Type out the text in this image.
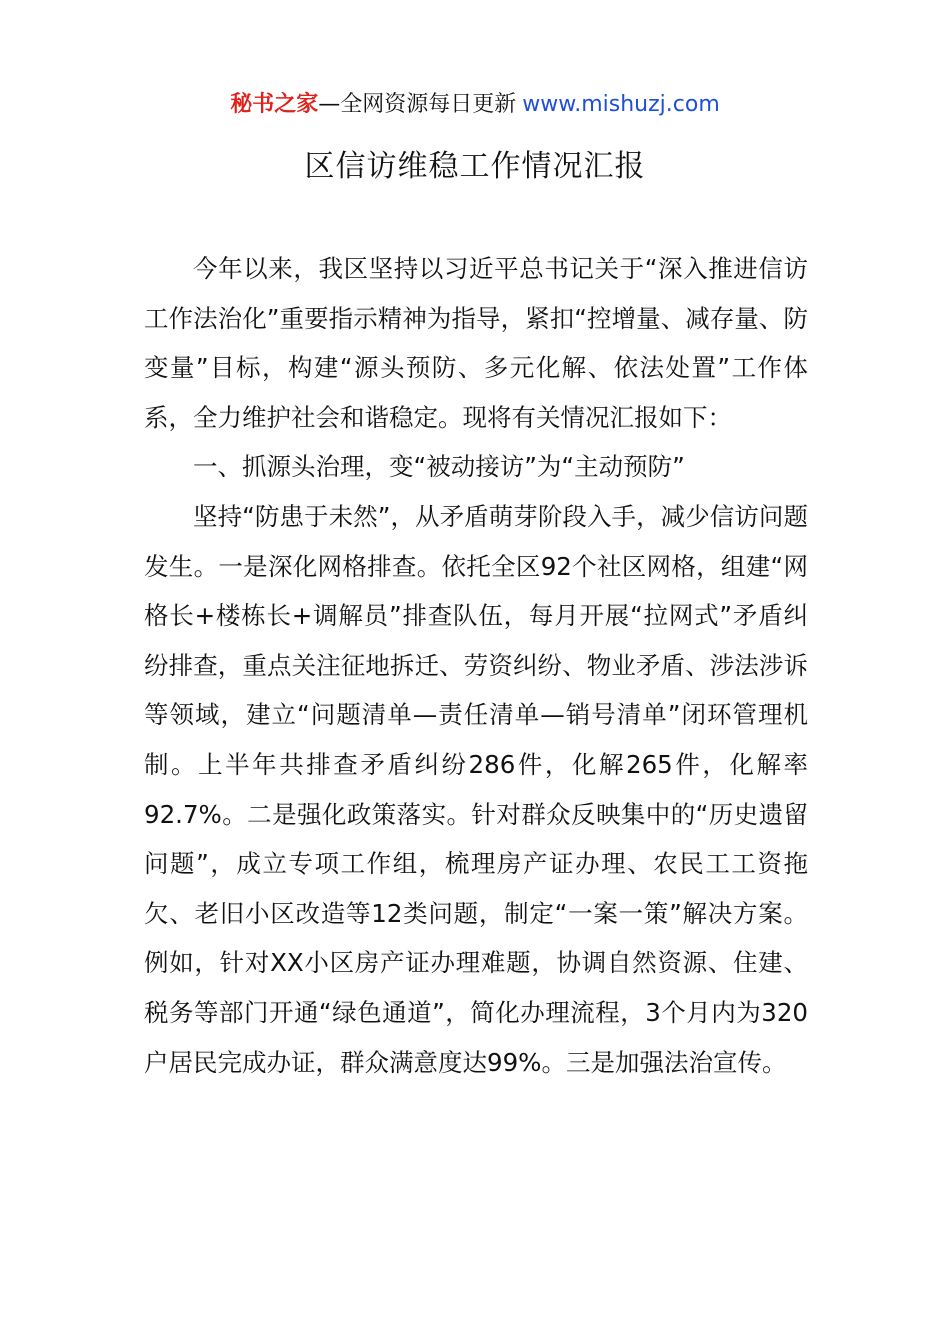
秘书之家—全网资源每日更新 www.mishuzj.com
区信访维稳工作情况汇报

今年以来，我区坚持以习近平总书记关于“深入推进信访工作法治化”重要指示精神为指导，紧扣“控增量、减存量、防变量”目标，构建“源头预防、多元化解、依法处置”工作体系，全力维护社会和谐稳定。现将有关情况汇报如下：

一、抓源头治理，变“被动接访”为“主动预防”

坚持“防患于未然”，从矛盾萌芽阶段入手，减少信访问题发生。一是深化网格排查。依托全区92个社区网格，组建“网格长+楼栋长+调解员”排查队伍，每月开展“拉网式”矛盾纠纷排查，重点关注征地拆迁、劳资纠纷、物业矛盾、涉法涉诉等领域，建立“问题清单—责任清单—销号清单”闭环管理机制。上半年共排查矛盾纠纷286件，化解265件，化解率92.7%。二是强化政策落实。针对群众反映集中的“历史遗留问题”，成立专项工作组，梳理房产证办理、农民工工资拖欠、老旧小区改造等12类问题，制定“一案一策”解决方案。例如，针对XX小区房产证办理难题，协调自然资源、住建、税务等部门开通“绿色通道”，简化办理流程，3个月内为320户居民完成办证，群众满意度达99%。三是加强法治宣传。
